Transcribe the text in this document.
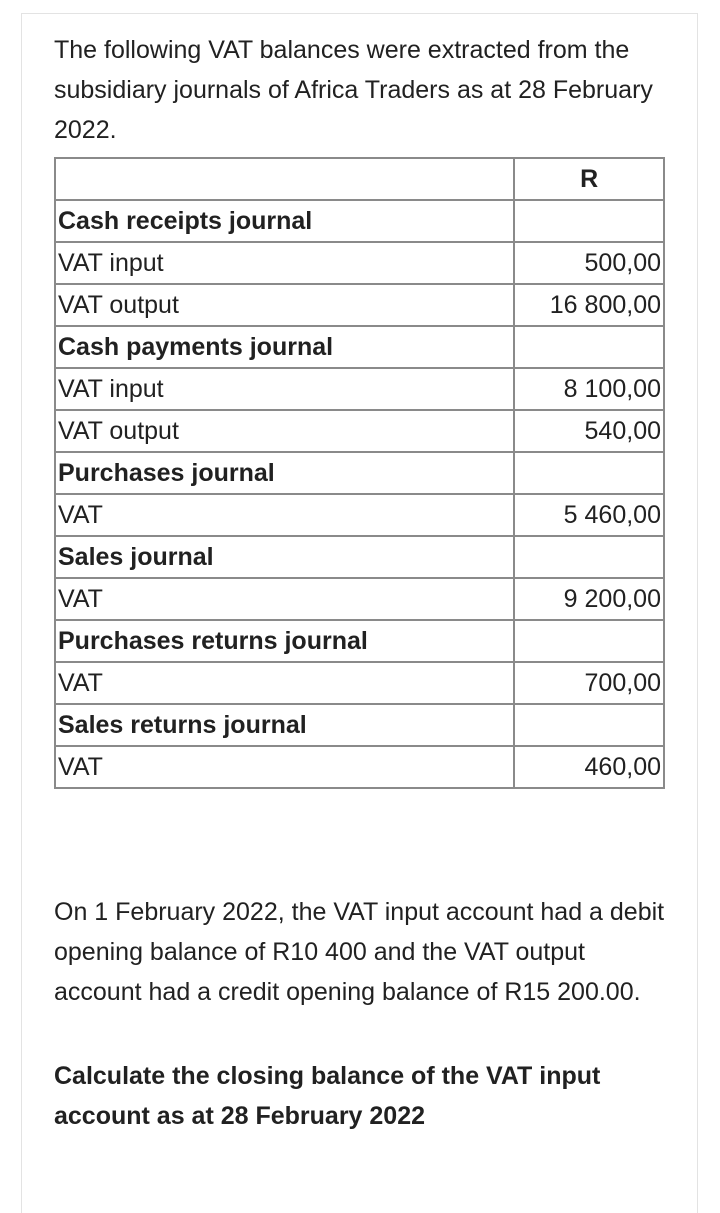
The following VAT balances were extracted from the subsidiary journals of Africa Traders as at 28 February 2022.

	R
Cash receipts journal	
VAT input	500,00
VAT output	16 800,00
Cash payments journal	
VAT input	8 100,00
VAT output	540,00
Purchases journal	
VAT	5 460,00
Sales journal	
VAT	9 200,00
Purchases returns journal	
VAT	700,00
Sales returns journal	
VAT	460,00

On 1 February 2022, the VAT input account had a debit opening balance of R10 400 and the VAT output account had a credit opening balance of R15 200.00.

Calculate the closing balance of the VAT input account as at 28 February 2022
